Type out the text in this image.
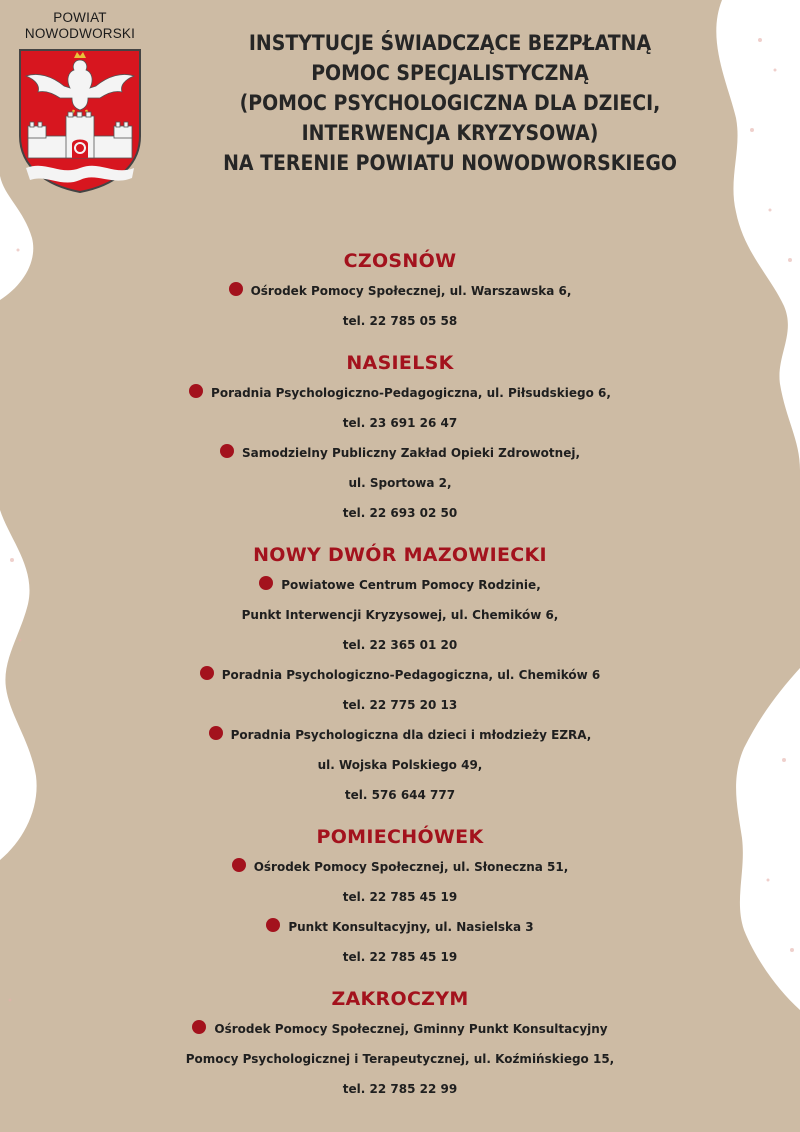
POWIAT
NOWODWORSKI	INSTYTUCJE ŚWIADCZĄCE BEZPŁATNĄ
POMOC SPECJALISTYCZNĄ
(POMOC PSYCHOLOGICZNA DLA DZIECI,
INTERWENCJA KRYZYSOWA)
NA TERENIE POWIATU NOWODWORSKIEGO
CZOSNÓW
Ośrodek Pomocy Społecznej, ul. Warszawska 6,
tel. 22 785 05 58
NASIELSK
Poradnia Psychologiczno-Pedagogiczna, ul. Piłsudskiego 6,
tel. 23 691 26 47
Samodzielny Publiczny Zakład Opieki Zdrowotnej,
ul. Sportowa 2,
tel. 22 693 02 50
NOWY DWÓR MAZOWIECKI
Powiatowe Centrum Pomocy Rodzinie,
Punkt Interwencji Kryzysowej, ul. Chemików 6,
tel. 22 365 01 20
Poradnia Psychologiczno-Pedagogiczna, ul. Chemików 6
tel. 22 775 20 13
Poradnia Psychologiczna dla dzieci i młodzieży EZRA,
ul. Wojska Polskiego 49,
tel. 576 644 777
POMIECHÓWEK
Ośrodek Pomocy Społecznej, ul. Słoneczna 51,
tel. 22 785 45 19
Punkt Konsultacyjny, ul. Nasielska 3
tel. 22 785 45 19
ZAKROCZYM
Ośrodek Pomocy Społecznej, Gminny Punkt Konsultacyjny
Pomocy Psychologicznej i Terapeutycznej, ul. Koźmińskiego 15,
tel. 22 785 22 99
